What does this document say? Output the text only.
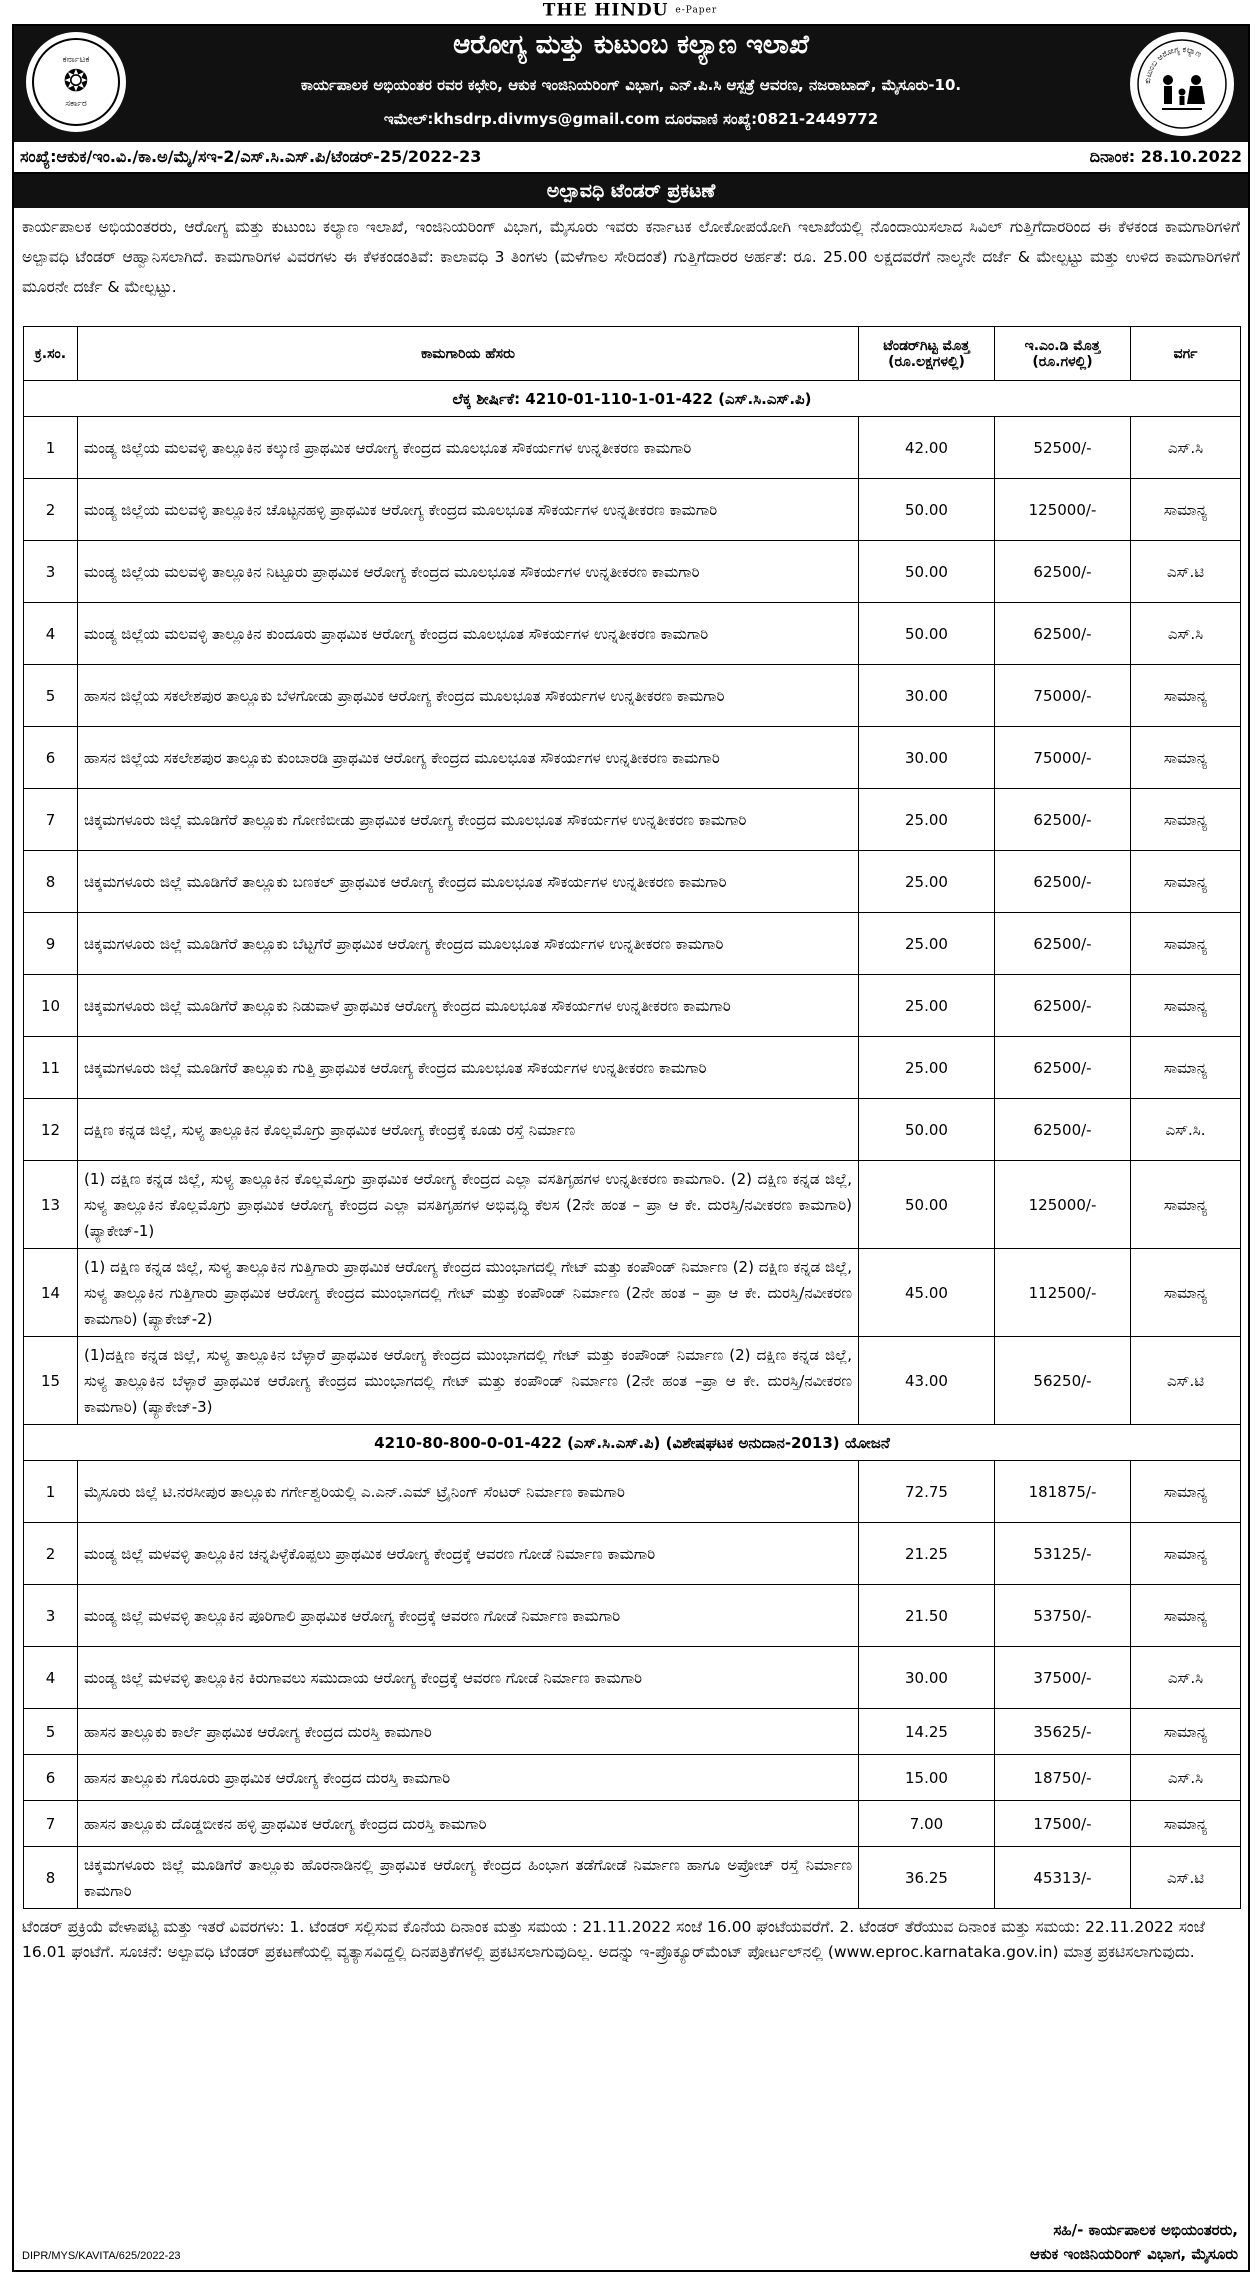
THE HINDU e-Paper
ಕರ್ನಾಟಕ
❂
ಸರ್ಕಾರ
ಆರೋಗ್ಯ ಮತ್ತು ಕುಟುಂಬ ಕಲ್ಯಾಣ ಇಲಾಖೆ
ಕಾರ್ಯಪಾಲಕ ಅಭಿಯಂತರ ರವರ ಕಛೇರಿ, ಆಕುಕ ಇಂಜಿನಿಯರಿಂಗ್ ವಿಭಾಗ, ಎನ್.ಪಿ.ಸಿ ಆಸ್ಪತ್ರೆ ಆವರಣ, ನಜರಾಬಾದ್, ಮೈಸೂರು-10.
ಇಮೇಲ್:khsdrp.divmys@gmail.com ದೂರವಾಣಿ ಸಂಖ್ಯೆ:0821-2449772
ಕುಟುಂಬ ಆರೋಗ್ಯ ಕಲ್ಯಾಣ
ಸಂಖ್ಯೆ:ಆಕುಕ/ಇಂ.ವಿ./ಕಾ.ಅ/ಮೈ/ಸಇ-2/ಎಸ್.ಸಿ.ಎಸ್.ಪಿ/ಟೆಂಡರ್-25/2022-23	ದಿನಾಂಕ: 28.10.2022
ಅಲ್ಪಾವಧಿ ಟೆಂಡರ್ ಪ್ರಕಟಣೆ
ಕಾರ್ಯಪಾಲಕ ಅಭಿಯಂತರರು, ಆರೋಗ್ಯ ಮತ್ತು ಕುಟುಂಬ ಕಲ್ಯಾಣ ಇಲಾಖೆ, ಇಂಜಿನಿಯರಿಂಗ್ ವಿಭಾಗ, ಮೈಸೂರು ಇವರು ಕರ್ನಾಟಕ ಲೋಕೋಪಯೋಗಿ ಇಲಾಖೆಯಲ್ಲಿ ನೊಂದಾಯಿಸಲಾದ ಸಿವಿಲ್ ಗುತ್ತಿಗೆದಾರರಿಂದ ಈ ಕೆಳಕಂಡ ಕಾಮಗಾರಿಗಳಿಗೆ ಅಲ್ಪಾವಧಿ ಟೆಂಡರ್ ಆಹ್ವಾನಿಸಲಾಗಿದೆ. ಕಾಮಗಾರಿಗಳ ವಿವರಗಳು ಈ ಕೆಳಕಂಡಂತಿವೆ: ಕಾಲಾವಧಿ 3 ತಿಂಗಳು (ಮಳೆಗಾಲ ಸೇರಿದಂತೆ) ಗುತ್ತಿಗೆದಾರರ ಅರ್ಹತೆ: ರೂ. 25.00 ಲಕ್ಷದವರೆಗೆ ನಾಲ್ಕನೇ ದರ್ಜೆ & ಮೇಲ್ಪಟ್ಟು ಮತ್ತು ಉಳಿದ ಕಾಮಗಾರಿಗಳಿಗೆ ಮೂರನೇ ದರ್ಜೆ & ಮೇಲ್ಪಟ್ಟು.
ಕ್ರ.ಸಂ.	ಕಾಮಗಾರಿಯ ಹೆಸರು	ಟೆಂಡರ್‌ಗಿಟ್ಟ ಮೊತ್ತ (ರೂ.ಲಕ್ಷಗಳಲ್ಲಿ)	ಇ.ಎಂ.ಡಿ ಮೊತ್ತ (ರೂ.ಗಳಲ್ಲಿ)	ವರ್ಗ
ಲೆಕ್ಕ ಶೀರ್ಷಿಕೆ: 4210-01-110-1-01-422 (ಎಸ್.ಸಿ.ಎಸ್.ಪಿ)				
1	ಮಂಡ್ಯ ಜಿಲ್ಲೆಯ ಮಲವಳ್ಳಿ ತಾಲ್ಲೂಕಿನ ಕಲ್ಕುಣಿ ಪ್ರಾಥಮಿಕ ಆರೋಗ್ಯ ಕೇಂದ್ರದ ಮೂಲಭೂತ ಸೌಕರ್ಯಗಳ ಉನ್ನತೀಕರಣ ಕಾಮಗಾರಿ	42.00	52500/-	ಎಸ್.ಸಿ
2	ಮಂಡ್ಯ ಜಿಲ್ಲೆಯ ಮಲವಳ್ಳಿ ತಾಲ್ಲೂಕಿನ ಚೊಟ್ಟನಹಳ್ಳಿ ಪ್ರಾಥಮಿಕ ಆರೋಗ್ಯ ಕೇಂದ್ರದ ಮೂಲಭೂತ ಸೌಕರ್ಯಗಳ ಉನ್ನತೀಕರಣ ಕಾಮಗಾರಿ	50.00	125000/-	ಸಾಮಾನ್ಯ
3	ಮಂಡ್ಯ ಜಿಲ್ಲೆಯ ಮಲವಳ್ಳಿ ತಾಲ್ಲೂಕಿನ ನಿಟ್ಟೂರು ಪ್ರಾಥಮಿಕ ಆರೋಗ್ಯ ಕೇಂದ್ರದ ಮೂಲಭೂತ ಸೌಕರ್ಯಗಳ ಉನ್ನತೀಕರಣ ಕಾಮಗಾರಿ	50.00	62500/-	ಎಸ್.ಟಿ
4	ಮಂಡ್ಯ ಜಿಲ್ಲೆಯ ಮಲವಳ್ಳಿ ತಾಲ್ಲೂಕಿನ ಕುಂದೂರು ಪ್ರಾಥಮಿಕ ಆರೋಗ್ಯ ಕೇಂದ್ರದ ಮೂಲಭೂತ ಸೌಕರ್ಯಗಳ ಉನ್ನತೀಕರಣ ಕಾಮಗಾರಿ	50.00	62500/-	ಎಸ್.ಸಿ
5	ಹಾಸನ ಜಿಲ್ಲೆಯ ಸಕಲೇಶಪುರ ತಾಲ್ಲೂಕು ಬೆಳಗೋಡು ಪ್ರಾಥಮಿಕ ಆರೋಗ್ಯ ಕೇಂದ್ರದ ಮೂಲಭೂತ ಸೌಕರ್ಯಗಳ ಉನ್ನತೀಕರಣ ಕಾಮಗಾರಿ	30.00	75000/-	ಸಾಮಾನ್ಯ
6	ಹಾಸನ ಜಿಲ್ಲೆಯ ಸಕಲೇಶಪುರ ತಾಲ್ಲೂಕು ಕುಂಬಾರಡಿ ಪ್ರಾಥಮಿಕ ಆರೋಗ್ಯ ಕೇಂದ್ರದ ಮೂಲಭೂತ ಸೌಕರ್ಯಗಳ ಉನ್ನತೀಕರಣ ಕಾಮಗಾರಿ	30.00	75000/-	ಸಾಮಾನ್ಯ
7	ಚಿಕ್ಕಮಗಳೂರು ಜಿಲ್ಲೆ ಮೂಡಿಗೆರೆ ತಾಲ್ಲೂಕು ಗೋಣಿಬೀಡು ಪ್ರಾಥಮಿಕ ಆರೋಗ್ಯ ಕೇಂದ್ರದ ಮೂಲಭೂತ ಸೌಕರ್ಯಗಳ ಉನ್ನತೀಕರಣ ಕಾಮಗಾರಿ	25.00	62500/-	ಸಾಮಾನ್ಯ
8	ಚಿಕ್ಕಮಗಳೂರು ಜಿಲ್ಲೆ ಮೂಡಿಗೆರೆ ತಾಲ್ಲೂಕು ಬಣಕಲ್ ಪ್ರಾಥಮಿಕ ಆರೋಗ್ಯ ಕೇಂದ್ರದ ಮೂಲಭೂತ ಸೌಕರ್ಯಗಳ ಉನ್ನತೀಕರಣ ಕಾಮಗಾರಿ	25.00	62500/-	ಸಾಮಾನ್ಯ
9	ಚಿಕ್ಕಮಗಳೂರು ಜಿಲ್ಲೆ ಮೂಡಿಗೆರೆ ತಾಲ್ಲೂಕು ಬೆಟ್ಟಗೆರೆ ಪ್ರಾಥಮಿಕ ಆರೋಗ್ಯ ಕೇಂದ್ರದ ಮೂಲಭೂತ ಸೌಕರ್ಯಗಳ ಉನ್ನತೀಕರಣ ಕಾಮಗಾರಿ	25.00	62500/-	ಸಾಮಾನ್ಯ
10	ಚಿಕ್ಕಮಗಳೂರು ಜಿಲ್ಲೆ ಮೂಡಿಗೆರೆ ತಾಲ್ಲೂಕು ನಿಡುವಾಳೆ ಪ್ರಾಥಮಿಕ ಆರೋಗ್ಯ ಕೇಂದ್ರದ ಮೂಲಭೂತ ಸೌಕರ್ಯಗಳ ಉನ್ನತೀಕರಣ ಕಾಮಗಾರಿ	25.00	62500/-	ಸಾಮಾನ್ಯ
11	ಚಿಕ್ಕಮಗಳೂರು ಜಿಲ್ಲೆ ಮೂಡಿಗೆರೆ ತಾಲ್ಲೂಕು ಗುತ್ತಿ ಪ್ರಾಥಮಿಕ ಆರೋಗ್ಯ ಕೇಂದ್ರದ ಮೂಲಭೂತ ಸೌಕರ್ಯಗಳ ಉನ್ನತೀಕರಣ ಕಾಮಗಾರಿ	25.00	62500/-	ಸಾಮಾನ್ಯ
12	ದಕ್ಷಿಣ ಕನ್ನಡ ಜಿಲ್ಲೆ, ಸುಳ್ಯ ತಾಲ್ಲೂಕಿನ ಕೊಲ್ಲಮೊಗ್ರು ಪ್ರಾಥಮಿಕ ಆರೋಗ್ಯ ಕೇಂದ್ರಕ್ಕೆ ಕೂಡು ರಸ್ತೆ ನಿರ್ಮಾಣ	50.00	62500/-	ಎಸ್.ಸಿ.
13	(1) ದಕ್ಷಿಣ ಕನ್ನಡ ಜಿಲ್ಲೆ, ಸುಳ್ಯ ತಾಲ್ಲೂಕಿನ ಕೊಲ್ಲಮೊಗ್ರು ಪ್ರಾಥಮಿಕ ಆರೋಗ್ಯ ಕೇಂದ್ರದ ಎಲ್ಲಾ ವಸತಿಗೃಹಗಳ ಉನ್ನತೀಕರಣ ಕಾಮಗಾರಿ. (2) ದಕ್ಷಿಣ ಕನ್ನಡ ಜಿಲ್ಲೆ, ಸುಳ್ಯ ತಾಲ್ಲೂಕಿನ ಕೊಲ್ಲಮೊಗ್ರು ಪ್ರಾಥಮಿಕ ಆರೋಗ್ಯ ಕೇಂದ್ರದ ಎಲ್ಲಾ ವಸತಿಗೃಹಗಳ ಅಭಿವೃದ್ಧಿ ಕೆಲಸ (2ನೇ ಹಂತ – ಪ್ರಾ ಆ ಕೇ. ದುರಸ್ತಿ/ನವೀಕರಣ ಕಾಮಗಾರಿ) (ಪ್ಯಾಕೇಜ್-1)	50.00	125000/-	ಸಾಮಾನ್ಯ
14	(1) ದಕ್ಷಿಣ ಕನ್ನಡ ಜಿಲ್ಲೆ, ಸುಳ್ಯ ತಾಲ್ಲೂಕಿನ ಗುತ್ತಿಗಾರು ಪ್ರಾಥಮಿಕ ಆರೋಗ್ಯ ಕೇಂದ್ರದ ಮುಂಭಾಗದಲ್ಲಿ ಗೇಟ್ ಮತ್ತು ಕಂಪೌಂಡ್ ನಿರ್ಮಾಣ (2) ದಕ್ಷಿಣ ಕನ್ನಡ ಜಿಲ್ಲೆ, ಸುಳ್ಯ ತಾಲ್ಲೂಕಿನ ಗುತ್ತಿಗಾರು ಪ್ರಾಥಮಿಕ ಆರೋಗ್ಯ ಕೇಂದ್ರದ ಮುಂಭಾಗದಲ್ಲಿ ಗೇಟ್ ಮತ್ತು ಕಂಪೌಂಡ್ ನಿರ್ಮಾಣ (2ನೇ ಹಂತ – ಪ್ರಾ ಆ ಕೇ. ದುರಸ್ತಿ/ನವೀಕರಣ ಕಾಮಗಾರಿ) (ಪ್ಯಾಕೇಜ್-2)	45.00	112500/-	ಸಾಮಾನ್ಯ
15	(1)ದಕ್ಷಿಣ ಕನ್ನಡ ಜಿಲ್ಲೆ, ಸುಳ್ಯ ತಾಲ್ಲೂಕಿನ ಬೆಳ್ಳಾರೆ ಪ್ರಾಥಮಿಕ ಆರೋಗ್ಯ ಕೇಂದ್ರದ ಮುಂಭಾಗದಲ್ಲಿ ಗೇಟ್ ಮತ್ತು ಕಂಪೌಂಡ್ ನಿರ್ಮಾಣ (2) ದಕ್ಷಿಣ ಕನ್ನಡ ಜಿಲ್ಲೆ, ಸುಳ್ಯ ತಾಲ್ಲೂಕಿನ ಬೆಳ್ಳಾರೆ ಪ್ರಾಥಮಿಕ ಆರೋಗ್ಯ ಕೇಂದ್ರದ ಮುಂಭಾಗದಲ್ಲಿ ಗೇಟ್ ಮತ್ತು ಕಂಪೌಂಡ್ ನಿರ್ಮಾಣ (2ನೇ ಹಂತ –ಪ್ರಾ ಆ ಕೇ. ದುರಸ್ತಿ/ನವೀಕರಣ ಕಾಮಗಾರಿ) (ಪ್ಯಾಕೇಜ್-3)	43.00	56250/-	ಎಸ್.ಟಿ
4210-80-800-0-01-422 (ಎಸ್.ಸಿ.ಎಸ್.ಪಿ) (ವಿಶೇಷಘಟಕ ಅನುದಾನ-2013) ಯೋಜನೆ				
1	ಮೈಸೂರು ಜಿಲ್ಲೆ ಟಿ.ನರಸೀಪುರ ತಾಲ್ಲೂಕು ಗರ್ಗೇಶ್ವರಿಯಲ್ಲಿ ಎ.ಎನ್.ಎಮ್ ಟ್ರೈನಿಂಗ್ ಸೆಂಟರ್ ನಿರ್ಮಾಣ ಕಾಮಗಾರಿ	72.75	181875/-	ಸಾಮಾನ್ಯ
2	ಮಂಡ್ಯ ಜಿಲ್ಲೆ ಮಳವಳ್ಳಿ ತಾಲ್ಲೂಕಿನ ಚನ್ನಪಿಳ್ಳೆಕೊಪ್ಪಲು ಪ್ರಾಥಮಿಕ ಆರೋಗ್ಯ ಕೇಂದ್ರಕ್ಕೆ ಆವರಣ ಗೋಡೆ ನಿರ್ಮಾಣ ಕಾಮಗಾರಿ	21.25	53125/-	ಸಾಮಾನ್ಯ
3	ಮಂಡ್ಯ ಜಿಲ್ಲೆ ಮಳವಳ್ಳಿ ತಾಲ್ಲೂಕಿನ ಪೂರಿಗಾಲಿ ಪ್ರಾಥಮಿಕ ಆರೋಗ್ಯ ಕೇಂದ್ರಕ್ಕೆ ಆವರಣ ಗೋಡೆ ನಿರ್ಮಾಣ ಕಾಮಗಾರಿ	21.50	53750/-	ಸಾಮಾನ್ಯ
4	ಮಂಡ್ಯ ಜಿಲ್ಲೆ ಮಳವಳ್ಳಿ ತಾಲ್ಲೂಕಿನ ಕಿರುಗಾವಲು ಸಮುದಾಯ ಆರೋಗ್ಯ ಕೇಂದ್ರಕ್ಕೆ ಆವರಣ ಗೋಡೆ ನಿರ್ಮಾಣ ಕಾಮಗಾರಿ	30.00	37500/-	ಎಸ್.ಸಿ
5	ಹಾಸನ ತಾಲ್ಲೂಕು ಕಾರ್ಲೆ ಪ್ರಾಥಮಿಕ ಆರೋಗ್ಯ ಕೇಂದ್ರದ ದುರಸ್ತಿ ಕಾಮಗಾರಿ	14.25	35625/-	ಸಾಮಾನ್ಯ
6	ಹಾಸನ ತಾಲ್ಲೂಕು ಗೊರೂರು ಪ್ರಾಥಮಿಕ ಆರೋಗ್ಯ ಕೇಂದ್ರದ ದುರಸ್ತಿ ಕಾಮಗಾರಿ	15.00	18750/-	ಎಸ್.ಸಿ
7	ಹಾಸನ ತಾಲ್ಲೂಕು ದೊಡ್ಡಬೀಕನ ಹಳ್ಳಿ ಪ್ರಾಥಮಿಕ ಆರೋಗ್ಯ ಕೇಂದ್ರದ ದುರಸ್ತಿ ಕಾಮಗಾರಿ	7.00	17500/-	ಸಾಮಾನ್ಯ
8	ಚಿಕ್ಕಮಗಳೂರು ಜಿಲ್ಲೆ ಮೂಡಿಗೆರೆ ತಾಲ್ಲೂಕು ಹೊರನಾಡಿನಲ್ಲಿ ಪ್ರಾಥಮಿಕ ಆರೋಗ್ಯ ಕೇಂದ್ರದ ಹಿಂಭಾಗ ತಡೆಗೋಡೆ ನಿರ್ಮಾಣ ಹಾಗೂ ಅಪ್ರೋಚ್ ರಸ್ತೆ ನಿರ್ಮಾಣ ಕಾಮಗಾರಿ	36.25	45313/-	ಎಸ್.ಟಿ
ಟೆಂಡರ್ ಪ್ರಕ್ರಿಯೆ ವೇಳಾಪಟ್ಟಿ ಮತ್ತು ಇತರೆ ವಿವರಗಳು: 1. ಟೆಂಡರ್ ಸಲ್ಲಿಸುವ ಕೊನೆಯ ದಿನಾಂಕ ಮತ್ತು ಸಮಯ : 21.11.2022 ಸಂಜೆ 16.00 ಘಂಟೆಯವರೆಗೆ. 2. ಟೆಂಡರ್ ತೆರೆಯುವ ದಿನಾಂಕ ಮತ್ತು ಸಮಯ: 22.11.2022 ಸಂಜೆ 16.01 ಘಂಟೆಗೆ. ಸೂಚನೆ: ಅಲ್ಪಾವಧಿ ಟೆಂಡರ್ ಪ್ರಕಟಣೆಯಲ್ಲಿ ವ್ಯತ್ಯಾಸವಿದ್ದಲ್ಲಿ ದಿನಪತ್ರಿಕೆಗಳಲ್ಲಿ ಪ್ರಕಟಿಸಲಾಗುವುದಿಲ್ಲ. ಅದನ್ನು ಇ-ಪ್ರೊಕ್ಯೂರ್‌ಮೆಂಟ್ ಪೋರ್ಟಲ್‌ನಲ್ಲಿ (www.eproc.karnataka.gov.in) ಮಾತ್ರ ಪ್ರಕಟಿಸಲಾಗುವುದು.
DIPR/MYS/KAVITA/625/2022-23
ಸಹಿ/- ಕಾರ್ಯಪಾಲಕ ಅಭಿಯಂತರರು,
ಆಕುಕ ಇಂಜಿನಿಯರಿಂಗ್ ವಿಭಾಗ, ಮೈಸೂರು
